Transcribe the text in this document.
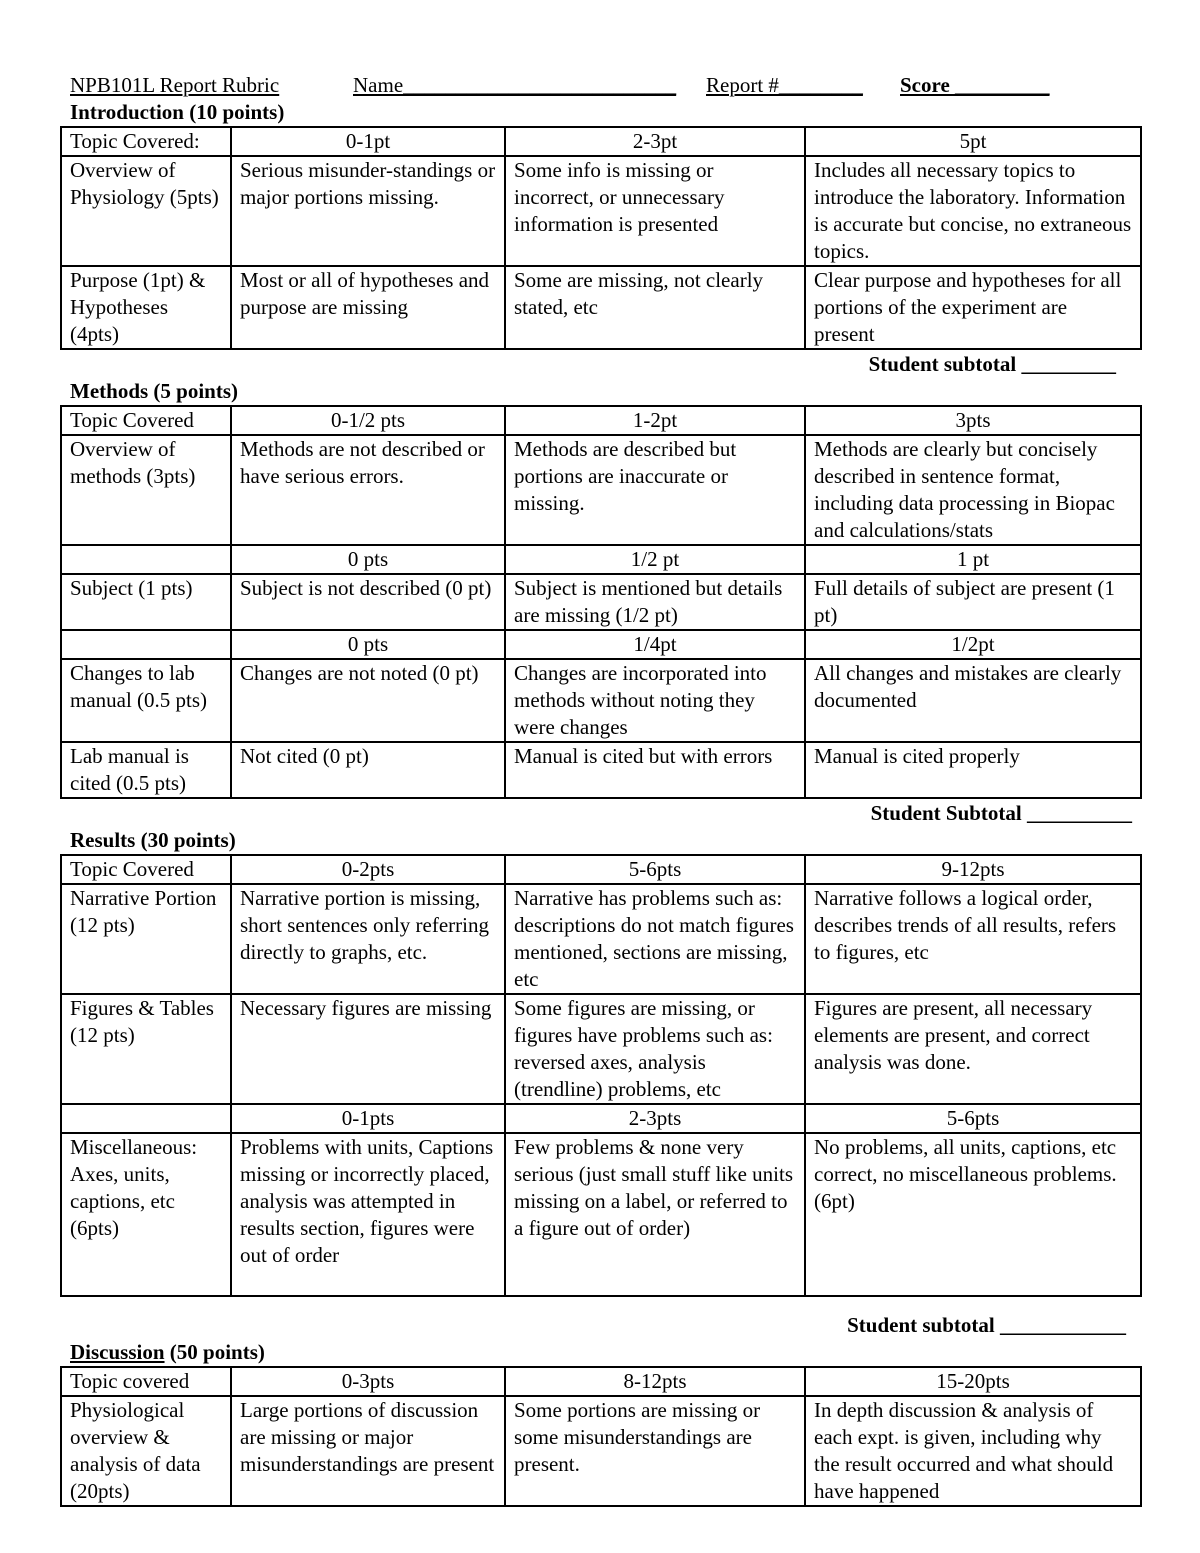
NPB101L Report Rubric	Name__________________________ Report #________ Score _________
Introduction (10 points)
Topic Covered:	0-1pt	2-3pt	5pt
Overview of Physiology (5pts)	Serious misunder-standings or major portions missing.	Some info is missing or incorrect, or unnecessary information is presented	Includes all necessary topics to introduce the laboratory. Information is accurate but concise, no extraneous topics.
Purpose (1pt) & Hypotheses (4pts)	Most or all of hypotheses and purpose are missing	Some are missing, not clearly stated, etc	Clear purpose and hypotheses for all portions of the experiment are present
Student subtotal _________
Methods (5 points)
Topic Covered	0-1/2 pts	1-2pt	3pts
Overview of methods (3pts)	Methods are not described or have serious errors.	Methods are described but portions are inaccurate or missing.	Methods are clearly but concisely described in sentence format, including data processing in Biopac and calculations/stats
	0 pts	1/2 pt	1 pt
Subject (1 pts)	Subject is not described (0 pt)	Subject is mentioned but details are missing (1/2 pt)	Full details of subject are present (1 pt)
	0 pts	1/4pt	1/2pt
Changes to lab manual (0.5 pts)	Changes are not noted (0 pt)	Changes are incorporated into methods without noting they were changes	All changes and mistakes are clearly documented
Lab manual is cited (0.5 pts)	Not cited (0 pt)	Manual is cited but with errors	Manual is cited properly
Student Subtotal __________
Results (30 points)
Topic Covered	0-2pts	5-6pts	9-12pts
Narrative Portion (12 pts)	Narrative portion is missing, short sentences only referring directly to graphs, etc.	Narrative has problems such as: descriptions do not match figures mentioned, sections are missing, etc	Narrative follows a logical order, describes trends of all results, refers to figures, etc
Figures & Tables (12 pts)	Necessary figures are missing	Some figures are missing, or figures have problems such as: reversed axes, analysis (trendline) problems, etc	Figures are present, all necessary elements are present, and correct analysis was done.
	0-1pts	2-3pts	5-6pts
Miscellaneous: Axes, units, captions, etc (6pts)	Problems with units, Captions missing or incorrectly placed, analysis was attempted in results section, figures were out of order	Few problems & none very serious (just small stuff like units missing on a label, or referred to a figure out of order)	No problems, all units, captions, etc correct, no miscellaneous problems. (6pt)
Student subtotal ____________
Discussion (50 points)
Topic covered	0-3pts	8-12pts	15-20pts
Physiological overview & analysis of data (20pts)	Large portions of discussion are missing or major misunderstandings are present	Some portions are missing or some misunderstandings are present.	In depth discussion & analysis of each expt. is given, including why the result occurred and what should have happened
